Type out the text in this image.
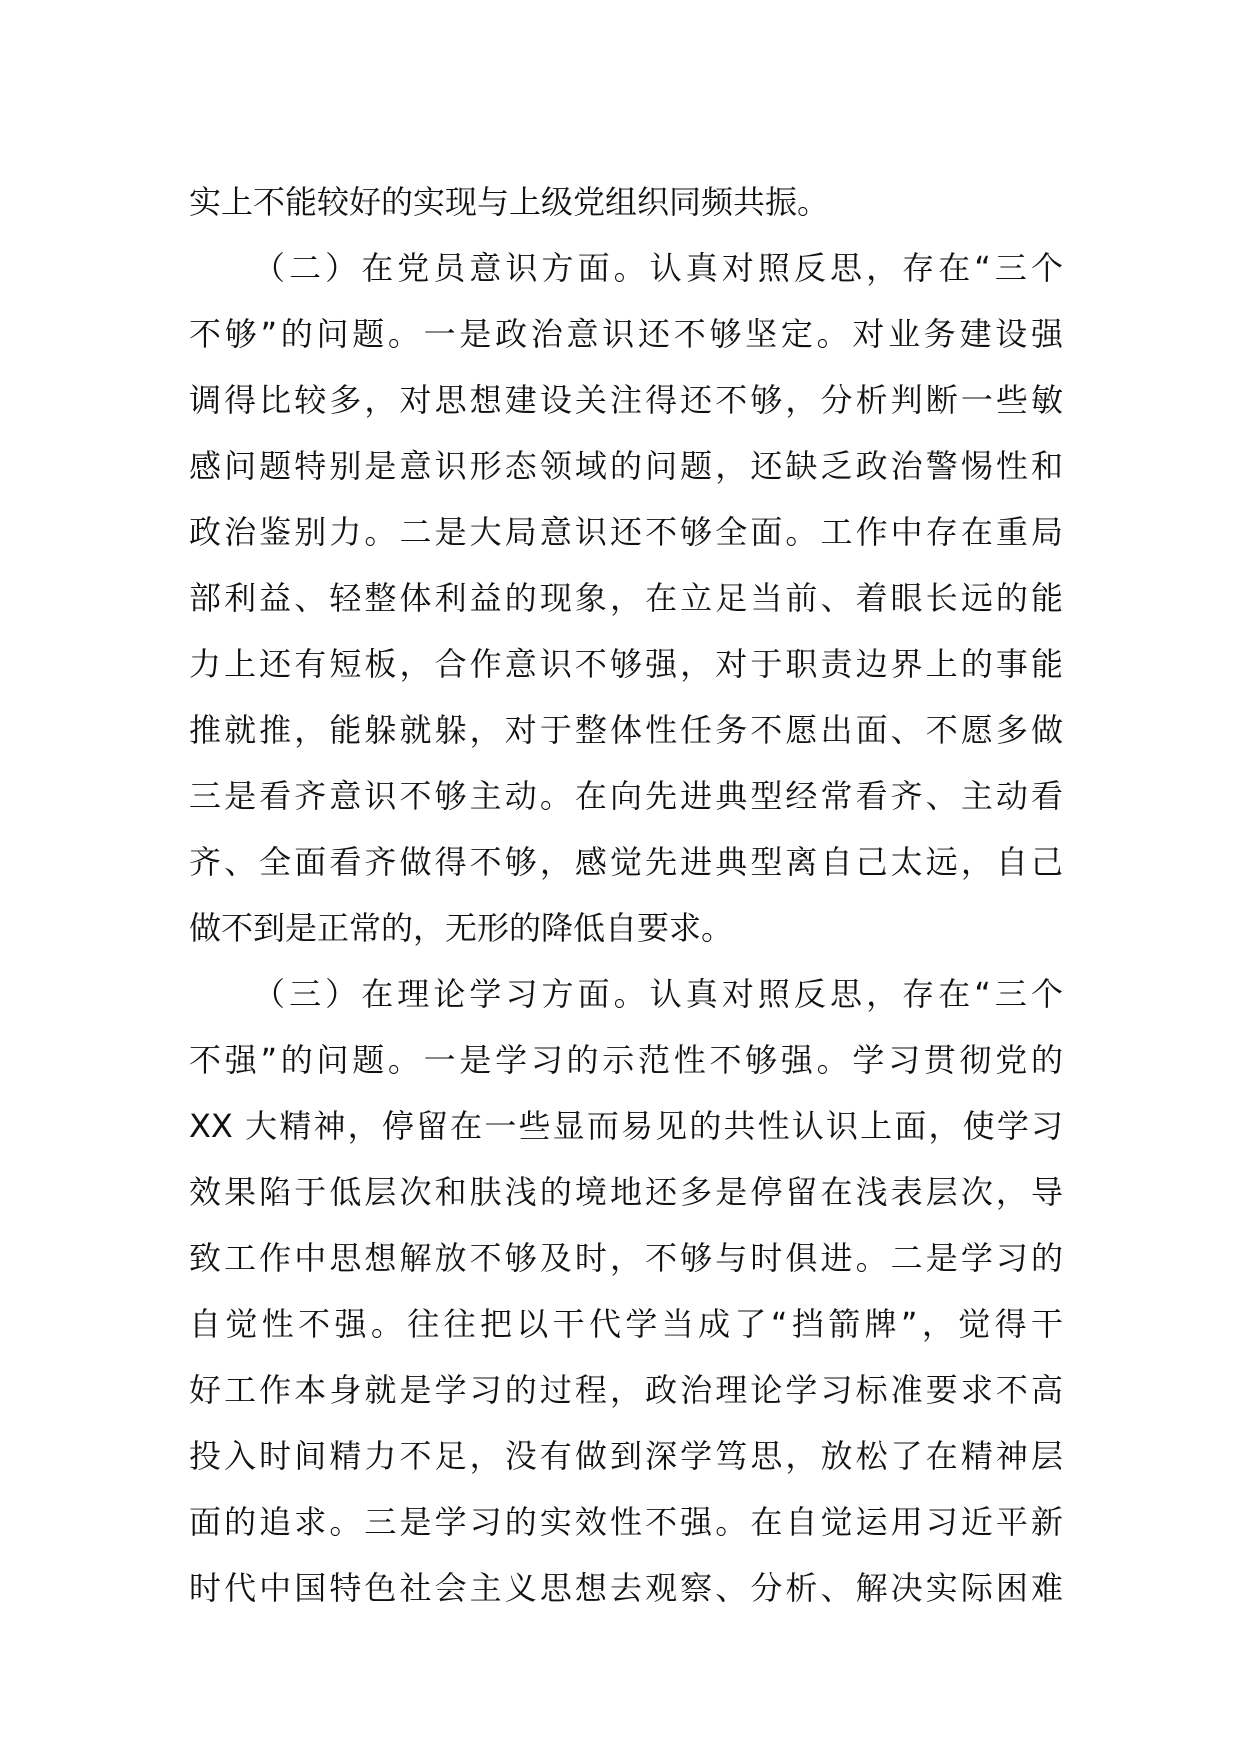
实上不能较好的实现与上级党组织同频共振。
（二）在党员意识方面。认真对照反思，存在“三个
不够”的问题。一是政治意识还不够坚定。对业务建设强
调得比较多，对思想建设关注得还不够，分析判断一些敏
感问题特别是意识形态领域的问题，还缺乏政治警惕性和
政治鉴别力。二是大局意识还不够全面。工作中存在重局
部利益、轻整体利益的现象，在立足当前、着眼长远的能
力上还有短板，合作意识不够强，对于职责边界上的事能
推就推，能躲就躲，对于整体性任务不愿出面、不愿多做
三是看齐意识不够主动。在向先进典型经常看齐、主动看
齐、全面看齐做得不够，感觉先进典型离自己太远，自己
做不到是正常的，无形的降低自要求。
（三）在理论学习方面。认真对照反思，存在“三个
不强”的问题。一是学习的示范性不够强。学习贯彻党的
XX 大精神，停留在一些显而易见的共性认识上面，使学习
效果陷于低层次和肤浅的境地还多是停留在浅表层次，导
致工作中思想解放不够及时，不够与时俱进。二是学习的
自觉性不强。往往把以干代学当成了“挡箭牌”，觉得干
好工作本身就是学习的过程，政治理论学习标准要求不高
投入时间精力不足，没有做到深学笃思，放松了在精神层
面的追求。三是学习的实效性不强。在自觉运用习近平新
时代中国特色社会主义思想去观察、分析、解决实际困难
